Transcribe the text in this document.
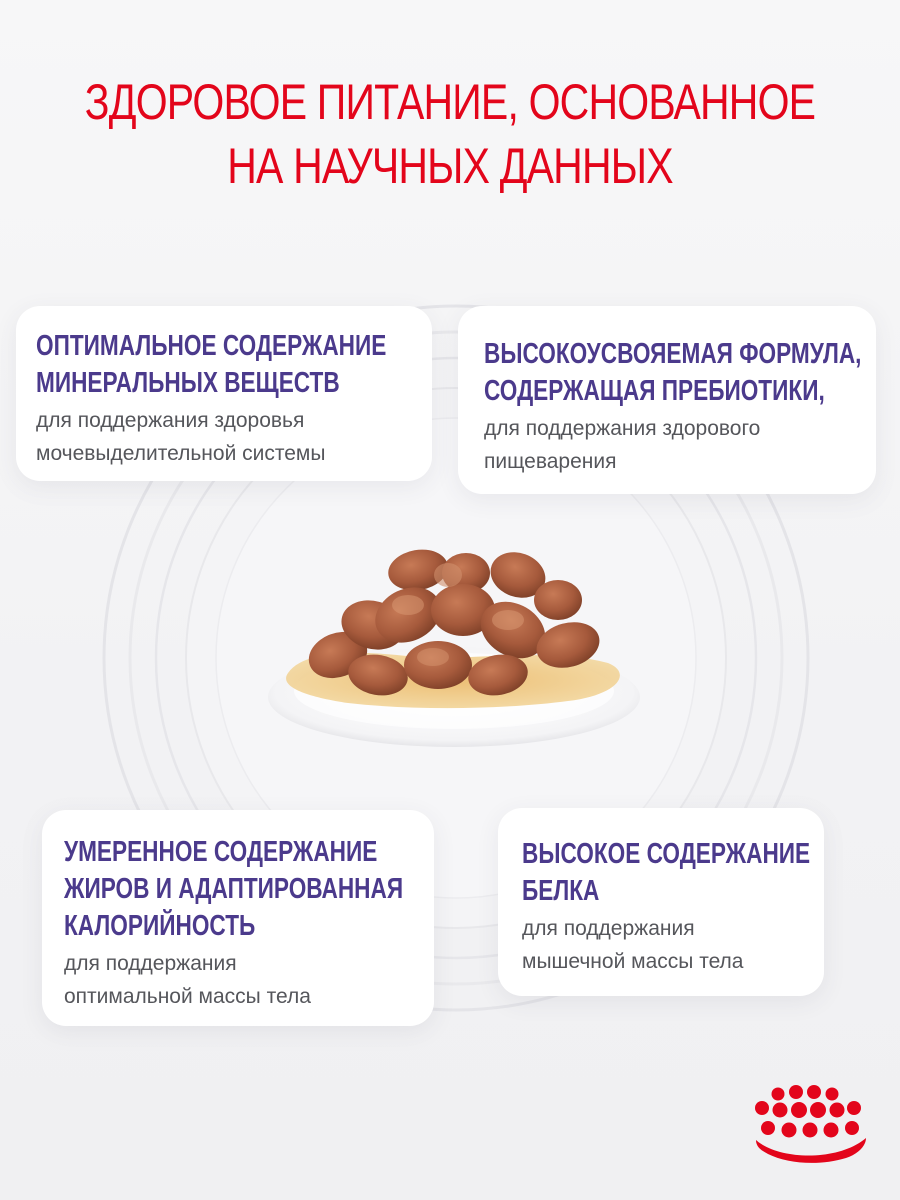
ЗДОРОВОЕ ПИТАНИЕ, ОСНОВАННОЕ
НА НАУЧНЫХ ДАННЫХ
ОПТИМАЛЬНОЕ СОДЕРЖАНИЕ
МИНЕРАЛЬНЫХ ВЕЩЕСТВ
для поддержания здоровья
мочевыделительной системы
ВЫСОКОУСВОЯЕМАЯ ФОРМУЛА,
СОДЕРЖАЩАЯ ПРЕБИОТИКИ,
для поддержания здорового
пищеварения
УМЕРЕННОЕ СОДЕРЖАНИЕ
ЖИРОВ И АДАПТИРОВАННАЯ
КАЛОРИЙНОСТЬ
для поддержания
оптимальной массы тела
ВЫСОКОЕ СОДЕРЖАНИЕ
БЕЛКА
для поддержания
мышечной массы тела
